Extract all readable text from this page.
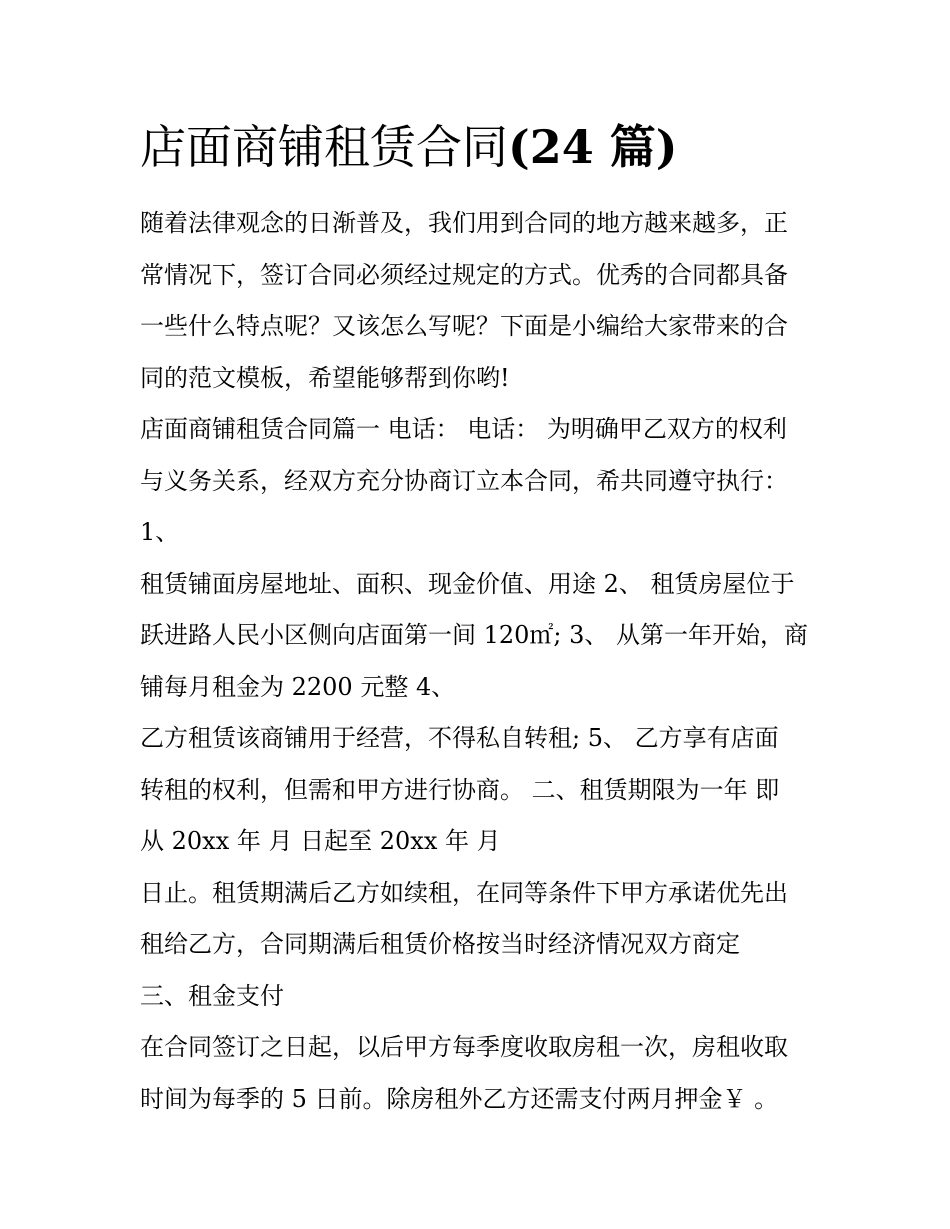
店面商铺租赁合同(24 篇)
随着法律观念的日渐普及，我们用到合同的地方越来越多，正
常情况下，签订合同必须经过规定的方式。优秀的合同都具备
一些什么特点呢？又该怎么写呢？下面是小编给大家带来的合
同的范文模板，希望能够帮到你哟!
店面商铺租赁合同篇一 电话： 电话： 为明确甲乙双方的权利
与义务关系，经双方充分协商订立本合同，希共同遵守执行：
1、
租赁铺面房屋地址、面积、现金价值、用途 2、 租赁房屋位于
跃进路人民小区侧向店面第一间 120㎡; 3、 从第一年开始，商
铺每月租金为 2200 元整 4、
乙方租赁该商铺用于经营，不得私自转租; 5、 乙方享有店面
转租的权利，但需和甲方进行协商。 二、租赁期限为一年 即
从 20xx 年 月 日起至 20xx 年 月
日止。租赁期满后乙方如续租，在同等条件下甲方承诺优先出
租给乙方，合同期满后租赁价格按当时经济情况双方商定
三、租金支付
在合同签订之日起，以后甲方每季度收取房租一次，房租收取
时间为每季的 5 日前。除房租外乙方还需支付两月押金￥ 。
